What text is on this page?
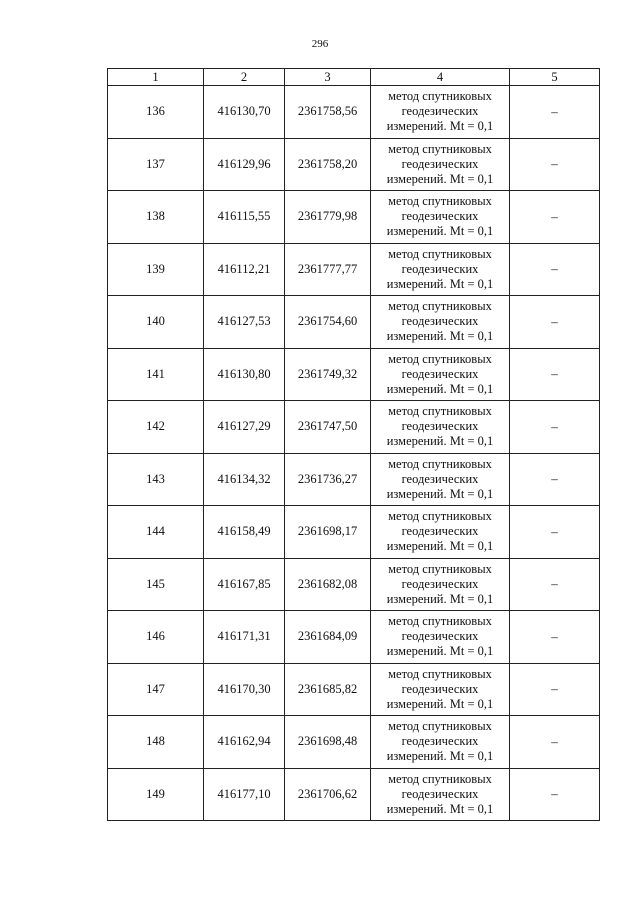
296
1	2	3	4	5
136	416130,70	2361758,56	метод спутниковых
геодезических
измерений. Mt = 0,1	–
137	416129,96	2361758,20	метод спутниковых
геодезических
измерений. Mt = 0,1	–
138	416115,55	2361779,98	метод спутниковых
геодезических
измерений. Mt = 0,1	–
139	416112,21	2361777,77	метод спутниковых
геодезических
измерений. Mt = 0,1	–
140	416127,53	2361754,60	метод спутниковых
геодезических
измерений. Mt = 0,1	–
141	416130,80	2361749,32	метод спутниковых
геодезических
измерений. Mt = 0,1	–
142	416127,29	2361747,50	метод спутниковых
геодезических
измерений. Mt = 0,1	–
143	416134,32	2361736,27	метод спутниковых
геодезических
измерений. Mt = 0,1	–
144	416158,49	2361698,17	метод спутниковых
геодезических
измерений. Mt = 0,1	–
145	416167,85	2361682,08	метод спутниковых
геодезических
измерений. Mt = 0,1	–
146	416171,31	2361684,09	метод спутниковых
геодезических
измерений. Mt = 0,1	–
147	416170,30	2361685,82	метод спутниковых
геодезических
измерений. Mt = 0,1	–
148	416162,94	2361698,48	метод спутниковых
геодезических
измерений. Mt = 0,1	–
149	416177,10	2361706,62	метод спутниковых
геодезических
измерений. Mt = 0,1	–
